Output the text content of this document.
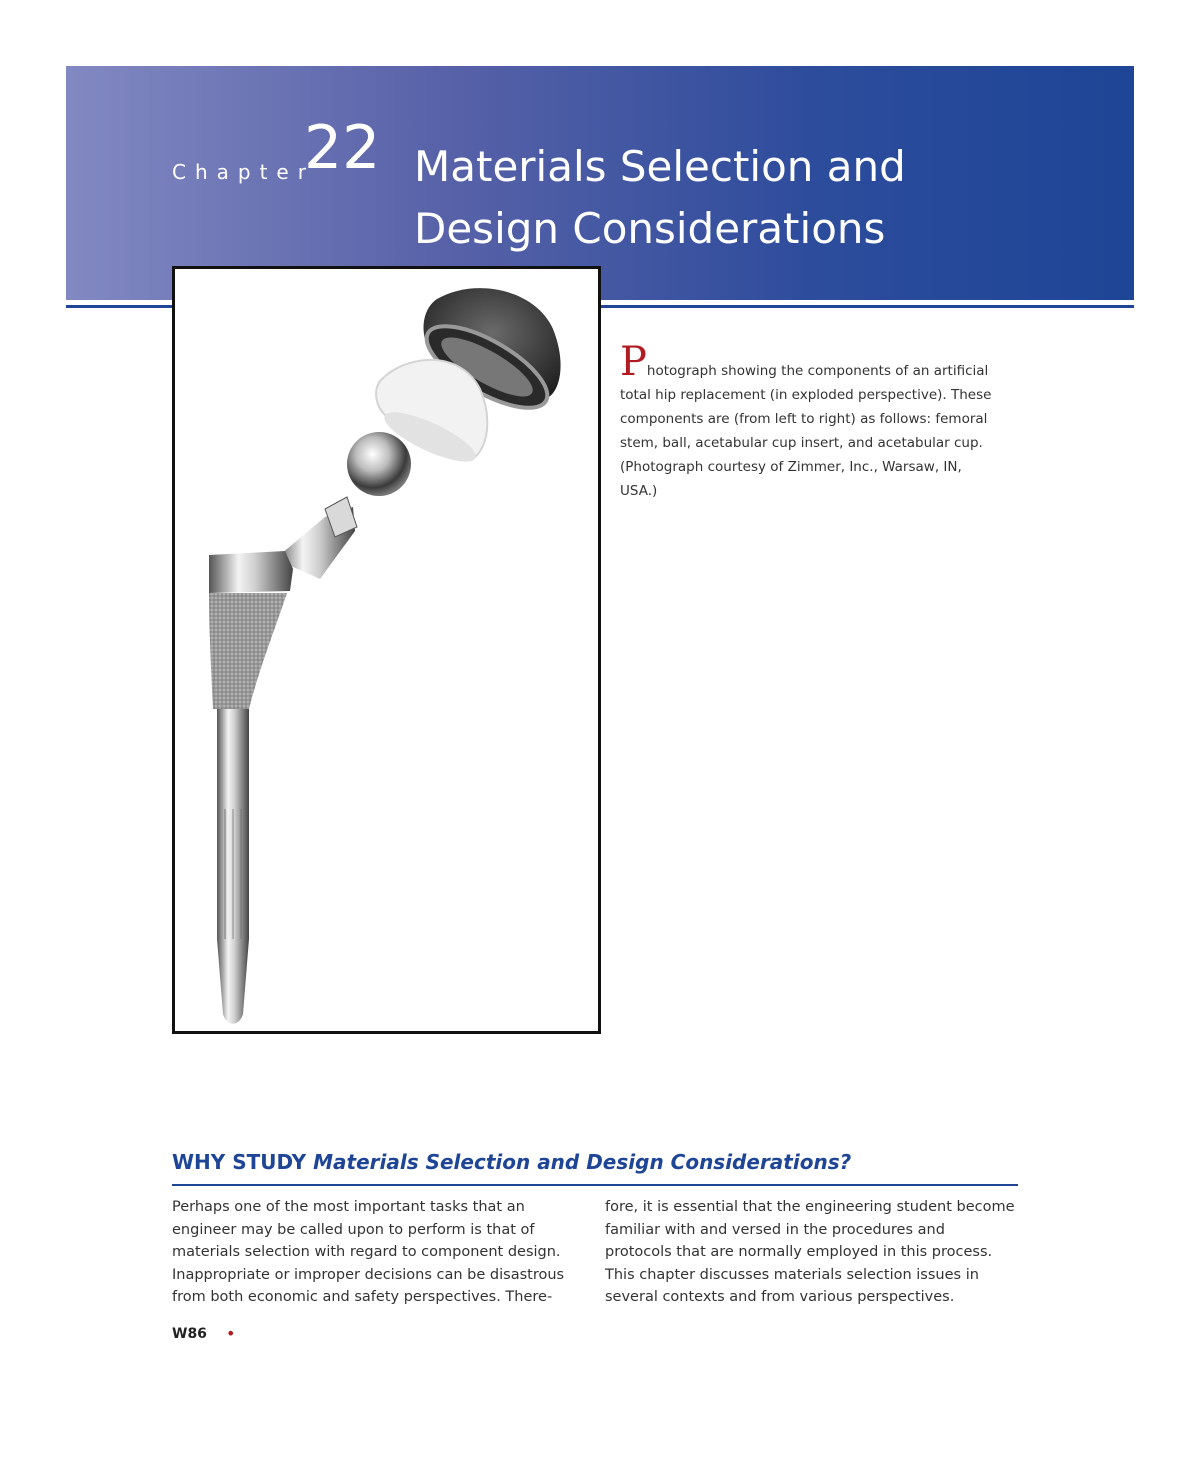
Chapter
22 Materials Selection and
Design Considerations
Photograph showing the components of an artificial total hip replacement (in exploded perspective). These components are (from left to right) as follows: femoral stem, ball, acetabular cup insert, and acetabular cup. (Photograph courtesy of Zimmer, Inc., Warsaw, IN, USA.)
WHY STUDY Materials Selection and Design Considerations?
Perhaps one of the most important tasks that an engineer may be called upon to perform is that of materials selection with regard to component design. Inappropriate or improper decisions can be disastrous from both economic and safety perspectives. There-
fore, it is essential that the engineering student become familiar with and versed in the procedures and protocols that are normally employed in this process. This chapter discusses materials selection issues in several contexts and from various perspectives.
W86 •
